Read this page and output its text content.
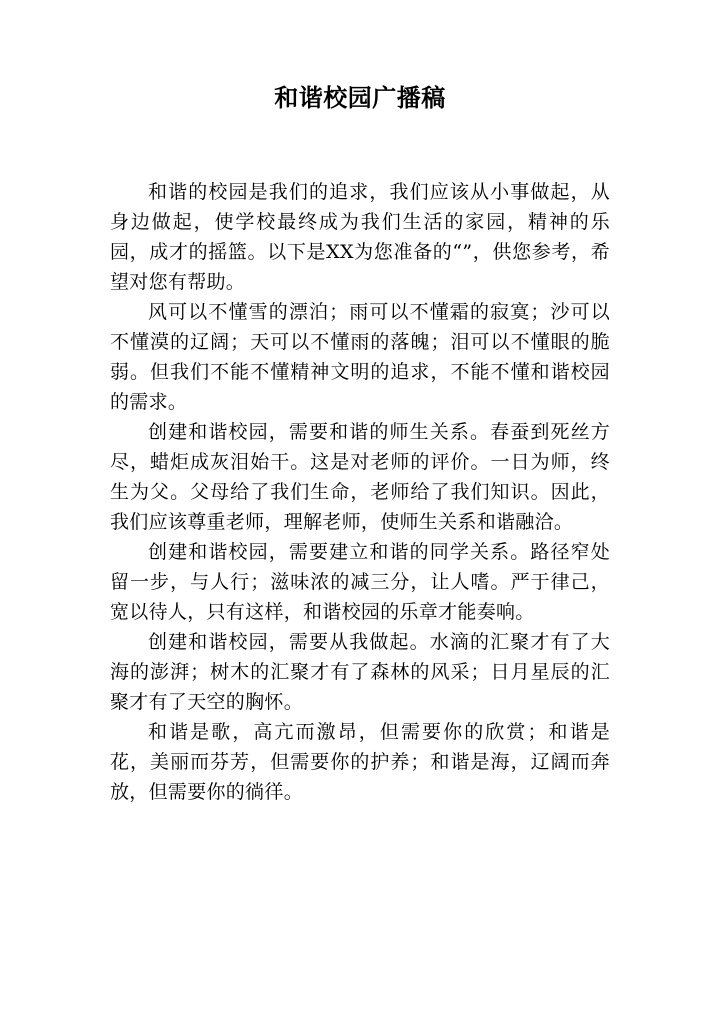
和谐校园广播稿

和谐的校园是我们的追求，我们应该从小事做起，从身边做起，使学校最终成为我们生活的家园，精神的乐园，成才的摇篮。以下是XX为您准备的“”，供您参考，希望对您有帮助。

风可以不懂雪的漂泊；雨可以不懂霜的寂寞；沙可以不懂漠的辽阔；天可以不懂雨的落魄；泪可以不懂眼的脆弱。但我们不能不懂精神文明的追求，不能不懂和谐校园的需求。

创建和谐校园，需要和谐的师生关系。春蚕到死丝方尽，蜡炬成灰泪始干。这是对老师的评价。一日为师，终生为父。父母给了我们生命，老师给了我们知识。因此，我们应该尊重老师，理解老师，使师生关系和谐融洽。

创建和谐校园，需要建立和谐的同学关系。路径窄处留一步，与人行；滋味浓的减三分，让人嗜。严于律己，宽以待人，只有这样，和谐校园的乐章才能奏响。

创建和谐校园，需要从我做起。水滴的汇聚才有了大海的澎湃；树木的汇聚才有了森林的风采；日月星辰的汇聚才有了天空的胸怀。

和谐是歌，高亢而激昂，但需要你的欣赏；和谐是花，美丽而芬芳，但需要你的护养；和谐是海，辽阔而奔放，但需要你的徜徉。
